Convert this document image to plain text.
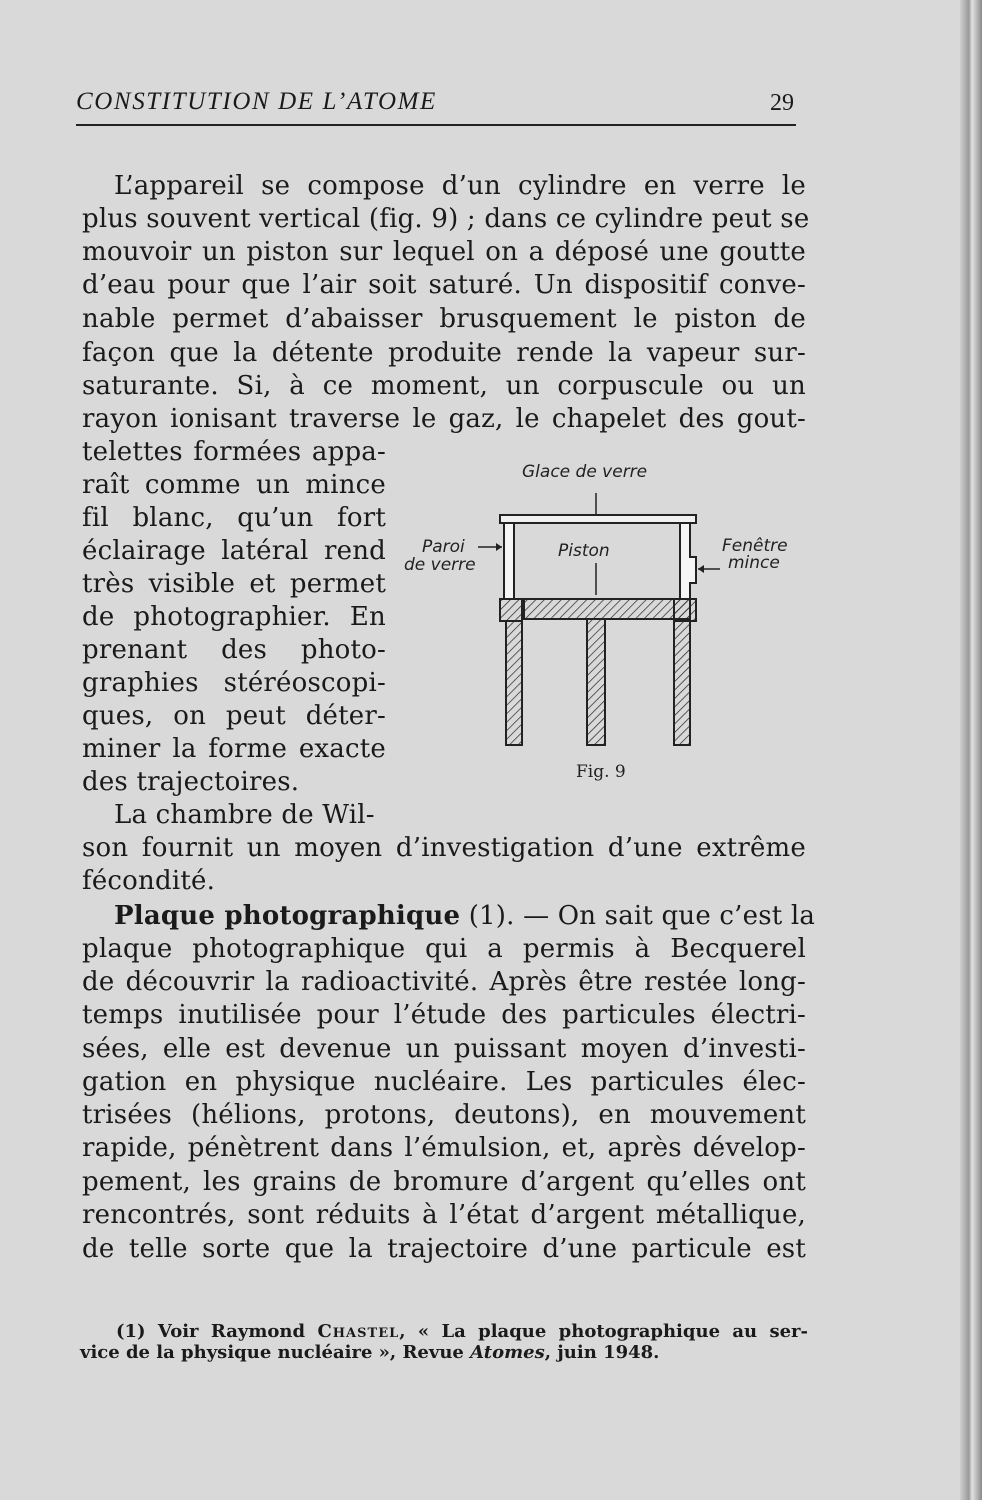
CONSTITUTION DE L’ATOME	29
L’appareil se compose d’un cylindre en verre le
plus souvent vertical (fig. 9) ; dans ce cylindre peut se
mouvoir un piston sur lequel on a déposé une goutte
d’eau pour que l’air soit saturé. Un dispositif conve-
nable permet d’abaisser brusquement le piston de
façon que la détente produite rende la vapeur sur-
saturante. Si, à ce moment, un corpuscule ou un
rayon ionisant traverse le gaz, le chapelet des gout-
telettes formées appa-
raît comme un mince
fil blanc, qu’un fort
éclairage latéral rend
très visible et permet
de photographier. En
prenant des photo-
graphies stéréoscopi-
ques, on peut déter-
miner la forme exacte
des trajectoires.
La chambre de Wil-
son fournit un moyen d’investigation d’une extrême
fécondité.
Plaque photographique (1). — On sait que c’est la
plaque photographique qui a permis à Becquerel
de découvrir la radioactivité. Après être restée long-
temps inutilisée pour l’étude des particules électri-
sées, elle est devenue un puissant moyen d’investi-
gation en physique nucléaire. Les particules élec-
trisées (hélions, protons, deutons), en mouvement
rapide, pénètrent dans l’émulsion, et, après dévelop-
pement, les grains de bromure d’argent qu’elles ont
rencontrés, sont réduits à l’état d’argent métallique,
de telle sorte que la trajectoire d’une particule est
Glace de verre
Paroi
de verre
Piston	Fenêtre
mince
Fig. 9
(1) Voir Raymond Chastel, « La plaque photographique au ser-
vice de la physique nucléaire », Revue Atomes, juin 1948.
